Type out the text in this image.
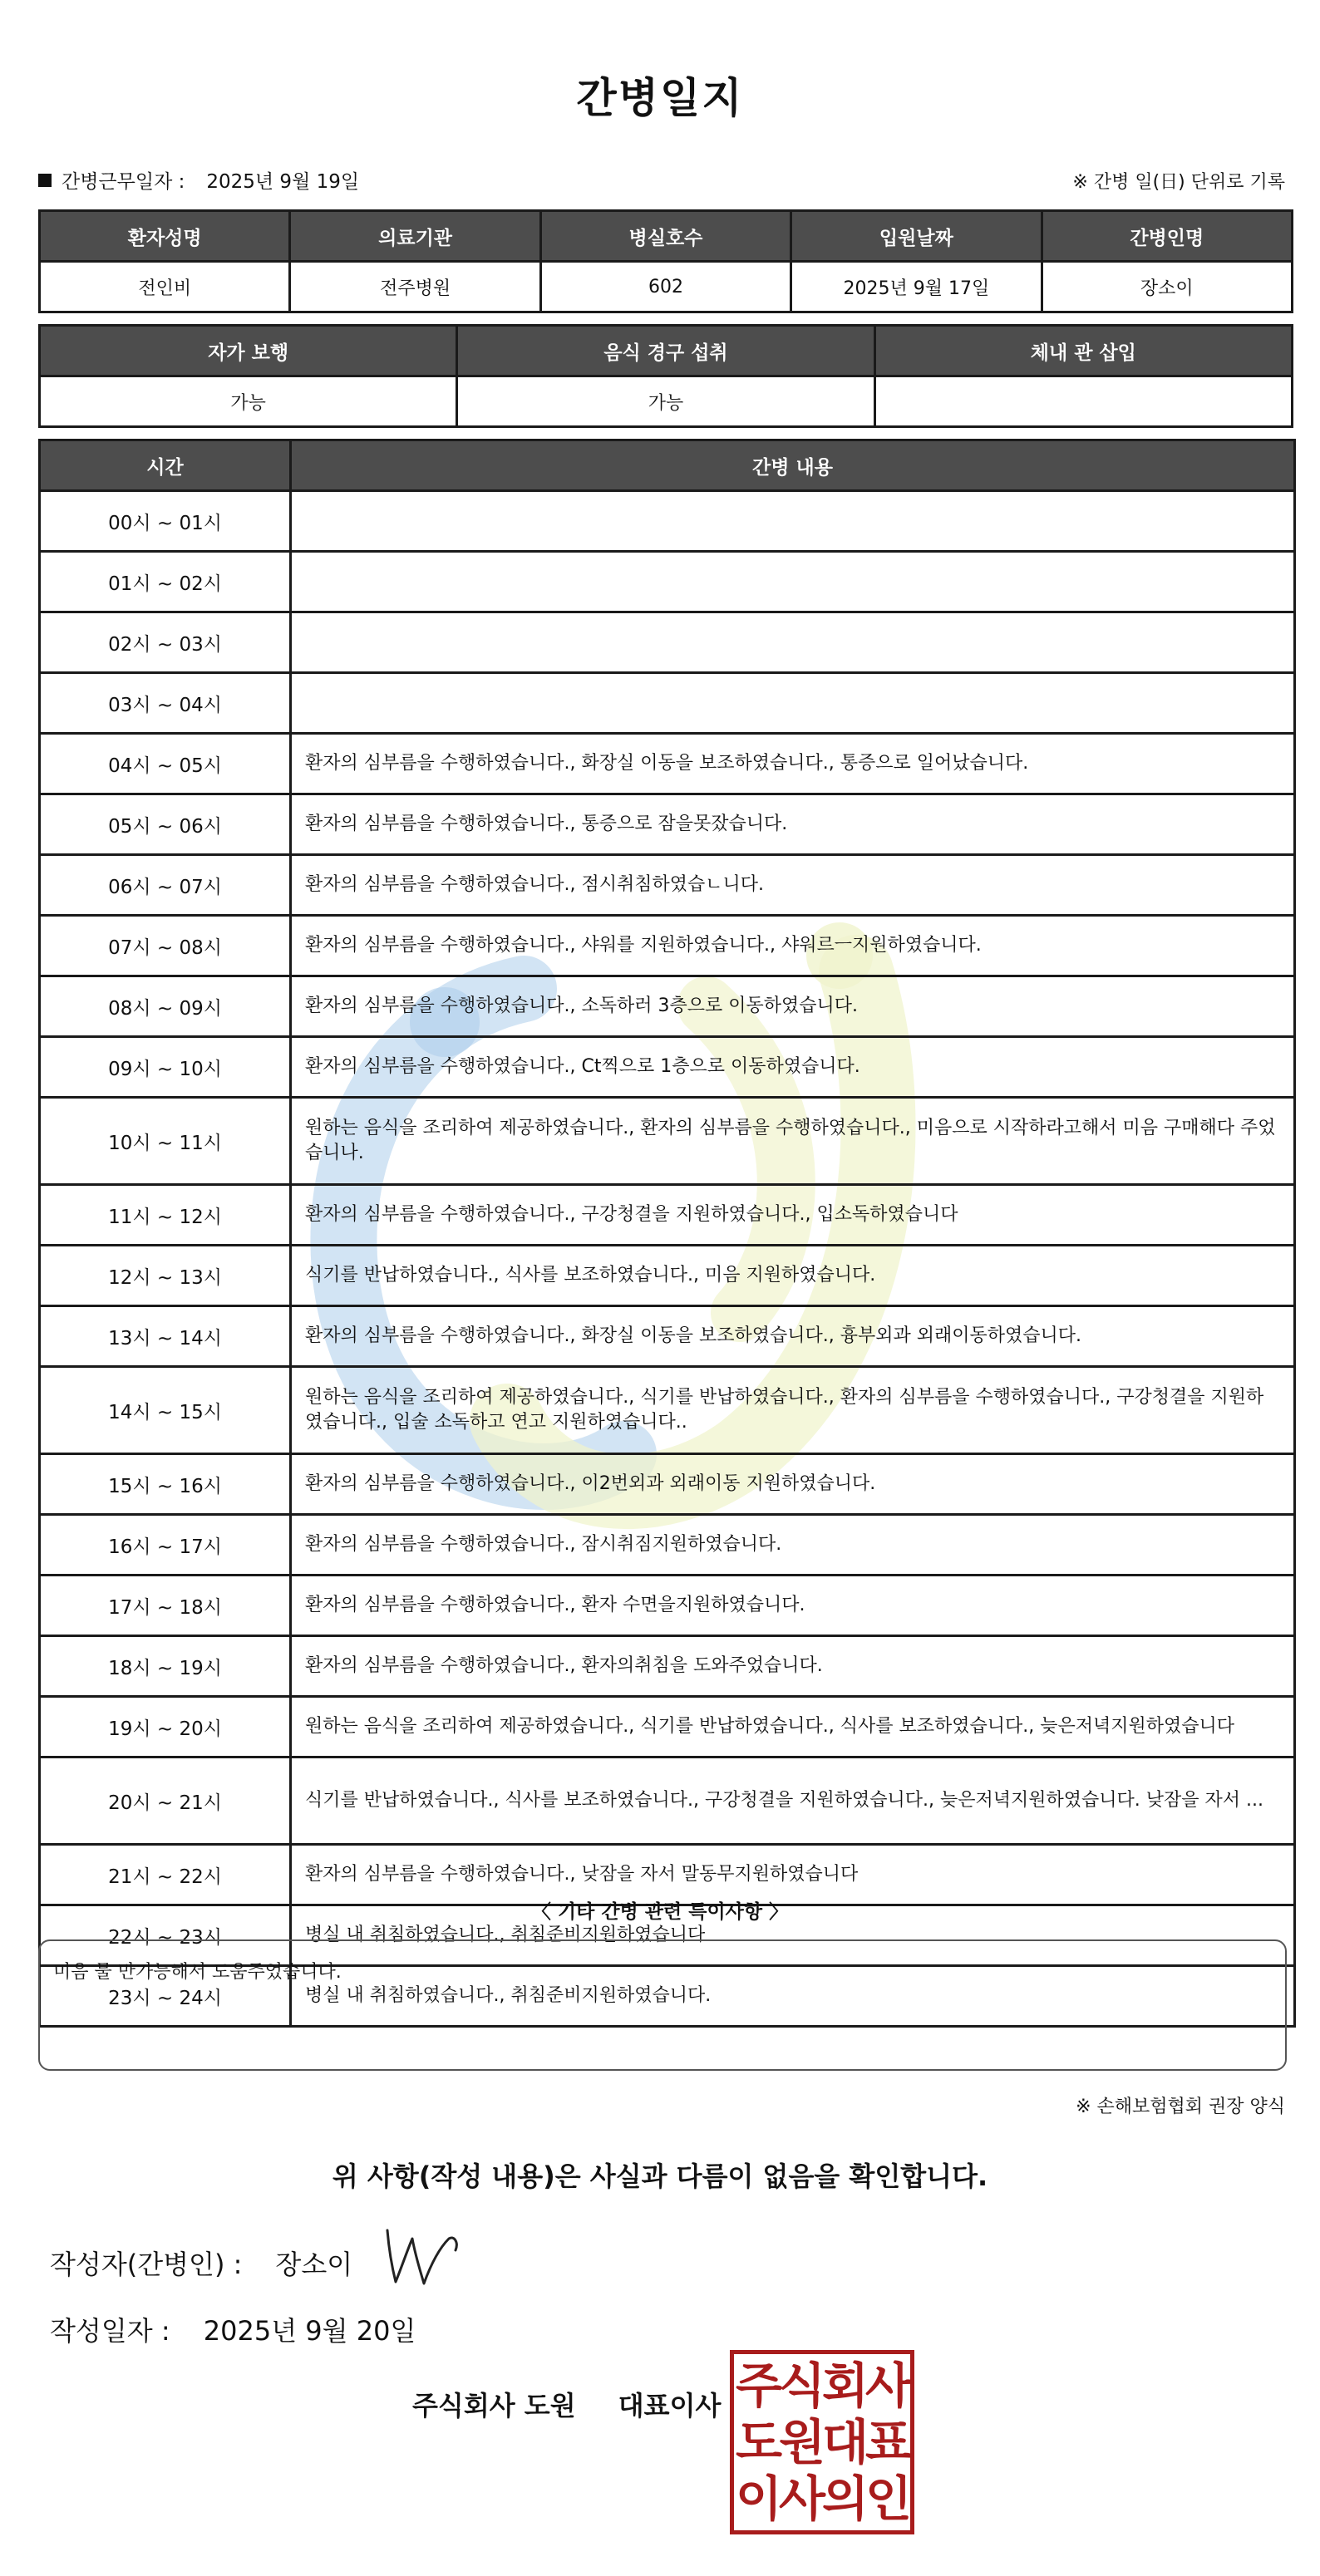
간병일지
간병근무일자 : 2025년 9월 19일	※ 간병 일(日) 단위로 기록
환자성명	의료기관	병실호수	입원날짜	간병인명
전인비	전주병원	602	2025년 9월 17일	장소이
자가 보행	음식 경구 섭취	체내 관 삽입
가능	가능	
시간	간병 내용
00시 ~ 01시	
01시 ~ 02시	
02시 ~ 03시	
03시 ~ 04시	
04시 ~ 05시	환자의 심부름을 수행하였습니다., 화장실 이동을 보조하였습니다., 통증으로 일어났습니다.
05시 ~ 06시	환자의 심부름을 수행하였습니다., 통증으로 잠을못잤습니다.
06시 ~ 07시	환자의 심부름을 수행하였습니다., 점시취침하였습ㄴ니다.
07시 ~ 08시	환자의 심부름을 수행하였습니다., 샤워를 지원하였습니다., 샤워르ㅡ지원하였습니다.
08시 ~ 09시	환자의 심부름을 수행하였습니다., 소독하러 3층으로 이동하였습니다.
09시 ~ 10시	환자의 심부름을 수행하였습니다., Ct찍으로 1층으로 이동하였습니다.
10시 ~ 11시	원하는 음식을 조리하여 제공하였습니다., 환자의 심부름을 수행하였습니다., 미음으로 시작하라고해서 미음 구매해다 주었습니나.
11시 ~ 12시	환자의 심부름을 수행하였습니다., 구강청결을 지원하였습니다., 입소독하였습니다
12시 ~ 13시	식기를 반납하였습니다., 식사를 보조하였습니다., 미음 지원하였습니다.
13시 ~ 14시	환자의 심부름을 수행하였습니다., 화장실 이동을 보조하였습니다., 흉부외과 외래이동하였습니다.
14시 ~ 15시	원하는 음식을 조리하여 제공하였습니다., 식기를 반납하였습니다., 환자의 심부름을 수행하였습니다., 구강청결을 지원하였습니다., 입술 소독하고 연고 지원하였습니다..
15시 ~ 16시	환자의 심부름을 수행하였습니다., 이2번외과 외래이동 지원하였습니다.
16시 ~ 17시	환자의 심부름을 수행하였습니다., 잠시취짐지원하였습니다.
17시 ~ 18시	환자의 심부름을 수행하였습니다., 환자 수면을지원하였습니다.
18시 ~ 19시	환자의 심부름을 수행하였습니다., 환자의취침을 도와주었습니다.
19시 ~ 20시	원하는 음식을 조리하여 제공하였습니다., 식기를 반납하였습니다., 식사를 보조하였습니다., 늦은저녁지원하였습니다
20시 ~ 21시	식기를 반납하였습니다., 식사를 보조하였습니다., 구강청결을 지원하였습니다., 늦은저녁지원하였습니다. 낮잠을 자서 ...
21시 ~ 22시	환자의 심부름을 수행하였습니다., 낮잠을 자서 말동무지원하였습니다
22시 ~ 23시	병실 내 취침하였습니다., 취침준비지원하였습니다
23시 ~ 24시	병실 내 취침하였습니다., 취침준비지원하였습니다.
〈 기타 간병 관련 특이사항 〉
미음 물 만가능해서 도움주었습니다.
※ 손해보험협회 권장 양식
위 사항(작성 내용)은 사실과 다름이 없음을 확인합니다.
작성자(간병인) : 장소이
작성일자 : 2025년 9월 20일
주식회사 도원 대표이사 주식회사
도원대표
이사의인
